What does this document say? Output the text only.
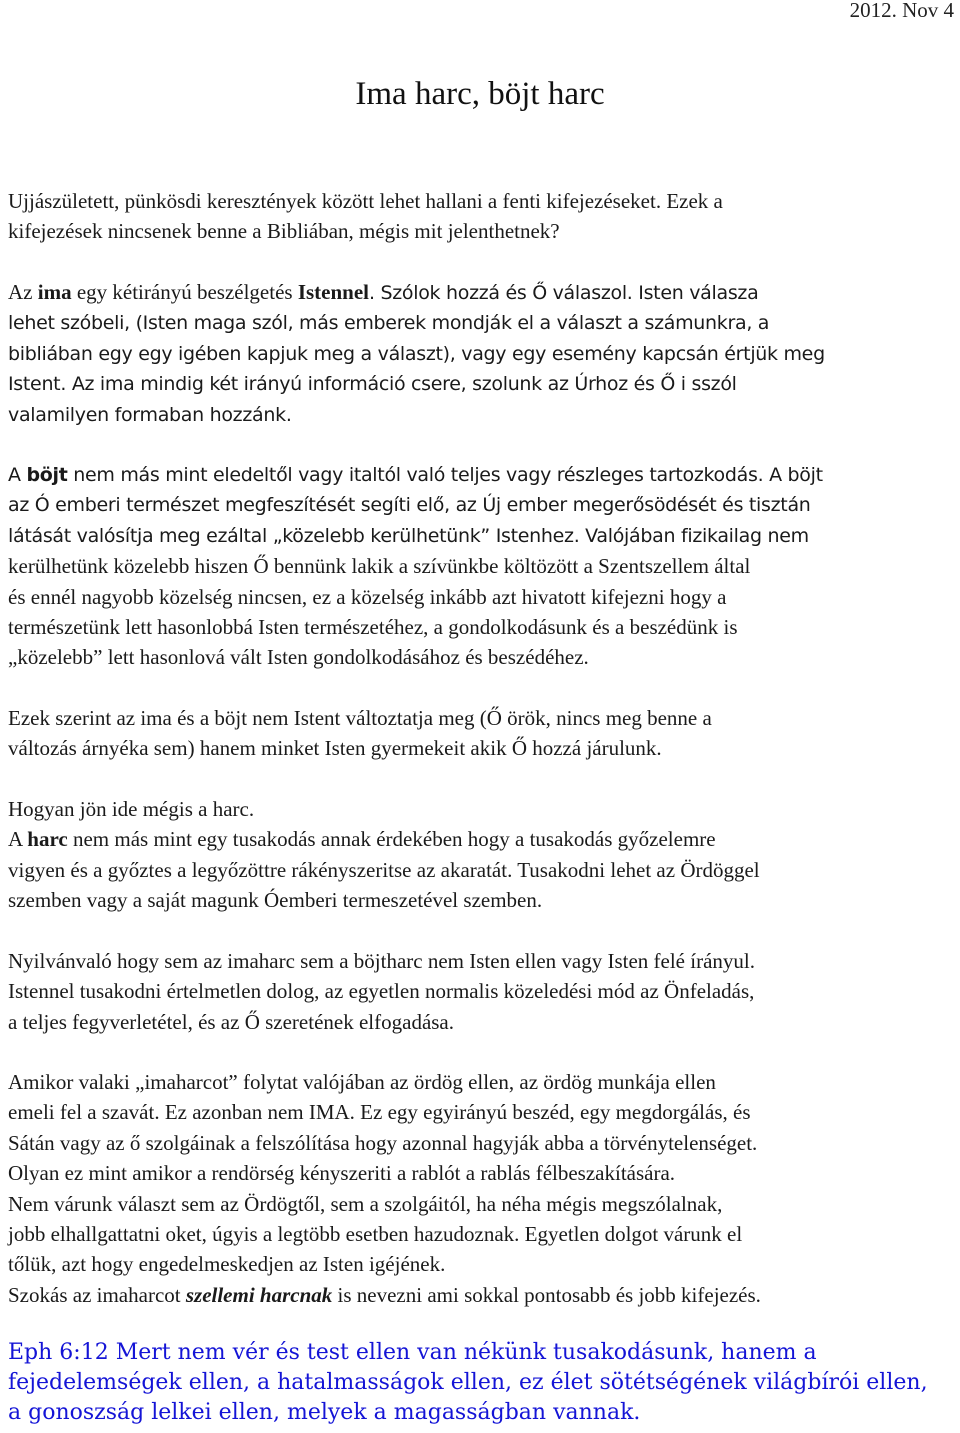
2012. Nov 4
Ima harc, böjt harc
Ujjászületett, pünkösdi keresztények között lehet hallani a fenti kifejezéseket. Ezek a
kifejezések nincsenek benne a Bibliában, mégis mit jelenthetnek?
Az ima egy kétirányú beszélgetés Istennel. Szólok hozzá és Ő válaszol. Isten válasza
lehet szóbeli, (Isten maga szól, más emberek mondják el a választ a számunkra, a
bibliában egy egy igében kapjuk meg a választ), vagy egy esemény kapcsán értjük meg
Istent. Az ima mindig két irányú információ csere, szolunk az Úrhoz és Ő i sszól
valamilyen formaban hozzánk.
A böjt nem más mint eledeltől vagy italtól való teljes vagy részleges tartozkodás. A böjt
az Ó emberi természet megfeszítését segíti elő, az Új ember megerősödését és tisztán
látását valósítja meg ezáltal „közelebb kerülhetünk” Istenhez. Valójában fizikailag nem
kerülhetünk közelebb hiszen Ő bennünk lakik a szívünkbe költözött a Szentszellem által
és ennél nagyobb közelség nincsen, ez a közelség inkább azt hivatott kifejezni hogy a
természetünk lett hasonlobbá Isten természetéhez, a gondolkodásunk és a beszédünk is
„közelebb” lett hasonlová vált Isten gondolkodásához és beszédéhez.
Ezek szerint az ima és a böjt nem Istent változtatja meg (Ő örök, nincs meg benne a
változás árnyéka sem) hanem minket Isten gyermekeit akik Ő hozzá járulunk.
Hogyan jön ide mégis a harc.
A harc nem más mint egy tusakodás annak érdekében hogy a tusakodás győzelemre
vigyen és a győztes a legyőzöttre rákényszeritse az akaratát. Tusakodni lehet az Ördöggel
szemben vagy a saját magunk Óemberi termeszetével szemben.
Nyilvánvaló hogy sem az imaharc sem a böjtharc nem Isten ellen vagy Isten felé írányul.
Istennel tusakodni értelmetlen dolog, az egyetlen normalis közeledési mód az Önfeladás,
a teljes fegyverletétel, és az Ő szeretének elfogadása.
Amikor valaki „imaharcot” folytat valójában az ördög ellen, az ördög munkája ellen
emeli fel a szavát. Ez azonban nem IMA. Ez egy egyirányú beszéd, egy megdorgálás, és
Sátán vagy az ő szolgáinak a felszólítása hogy azonnal hagyják abba a törvénytelenséget.
Olyan ez mint amikor a rendörség kényszeriti a rablót a rablás félbeszakítására.
Nem várunk választ sem az Ördögtől, sem a szolgáitól, ha néha mégis megszólalnak,
jobb elhallgattatni oket, úgyis a legtöbb esetben hazudoznak. Egyetlen dolgot várunk el
tőlük, azt hogy engedelmeskedjen az Isten igéjének.
Szokás az imaharcot szellemi harcnak is nevezni ami sokkal pontosabb és jobb kifejezés.
Eph 6:12 Mert nem vér és test ellen van nékünk tusakodásunk, hanem a
fejedelemségek ellen, a hatalmasságok ellen, ez élet sötétségének világbírói ellen,
a gonoszság lelkei ellen, melyek a magasságban vannak.
